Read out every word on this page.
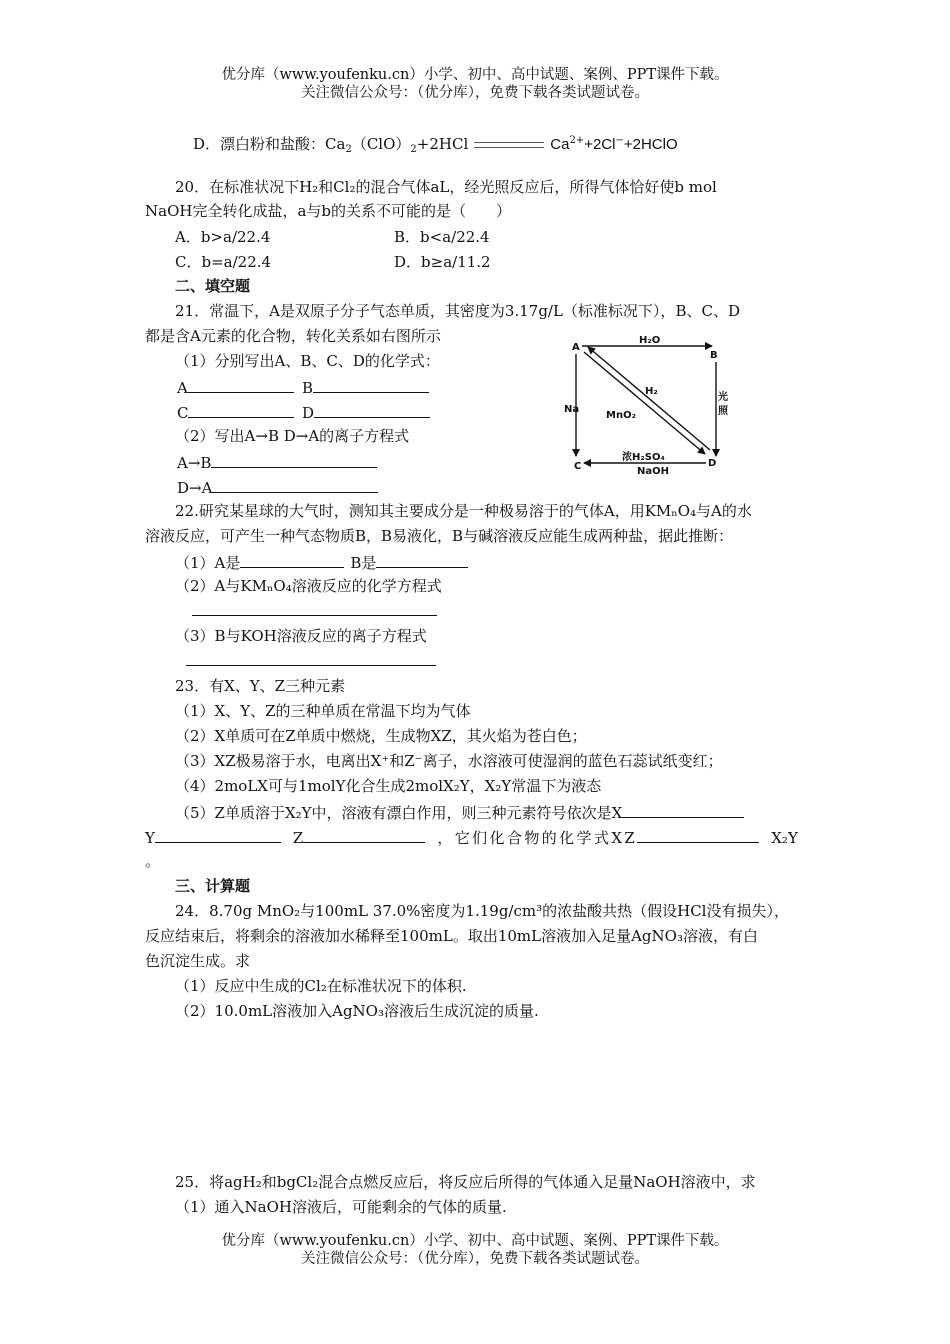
优分库（www.youfenku.cn）小学、初中、高中试题、案例、PPT课件下载。
关注微信公众号：（优分库），免费下载各类试题试卷。
D．漂白粉和盐酸：$Ca_2(ClO)_2+2HCl$	$Ca^{2+}+2Cl^-+2HClO$
20．在标准状况下H₂和Cl₂的混合气体aL，经光照反应后，所得气体恰好使b mol
NaOH完全转化成盐，a与b的关系不可能的是（　　）
A．b>a/22.4	B．b<a/22.4
C．b=a/22.4	D．b≥a/11.2
二、填空题
21．常温下，A是双原子分子气态单质，其密度为3.17g/L（标准标况下），B、C、D
都是含A元素的化合物，转化关系如右图所示
（1）分别写出A、B、C、D的化学式：
A	B
C	D
（2）写出A→B D→A的离子方程式
A→B
D→A
A
B
C	D
H₂O
光
照
Na
H₂
MnO₂
浓H₂SO₄
NaOH
22.研究某星球的大气时，测知其主要成分是一种极易溶于的气体A，用KMₙO₄与A的水
溶液反应，可产生一种气态物质B，B易液化，B与碱溶液反应能生成两种盐，据此推断：
（1）A是	B是
（2）A与KMₙO₄溶液反应的化学方程式
（3）B与KOH溶液反应的离子方程式
23．有X、Y、Z三种元素
（1）X、Y、Z的三种单质在常温下均为气体
（2）X单质可在Z单质中燃烧，生成物XZ，其火焰为苍白色；
（3）XZ极易溶于水，电离出X⁺和Z⁻离子，水溶液可使湿润的蓝色石蕊试纸变红；
（4）2moLX可与1molY化合生成2molX₂Y，X₂Y常温下为液态
（5）Z单质溶于X₂Y中，溶液有漂白作用，则三种元素符号依次是X
Y	Z	，它们化合物的化学式XZ	X₂Y
。
三、计算题
24．8.70g MnO₂与100mL 37.0%密度为1.19g/cm³的浓盐酸共热（假设HCl没有损失），
反应结束后，将剩余的溶液加水稀释至100mL。取出10mL溶液加入足量AgNO₃溶液，有白
色沉淀生成。求
（1）反应中生成的Cl₂在标准状况下的体积.
（2）10.0mL溶液加入AgNO₃溶液后生成沉淀的质量.
25．将agH₂和bgCl₂混合点燃反应后，将反应后所得的气体通入足量NaOH溶液中，求
（1）通入NaOH溶液后，可能剩余的气体的质量.
优分库（www.youfenku.cn）小学、初中、高中试题、案例、PPT课件下载。
关注微信公众号：（优分库），免费下载各类试题试卷。
